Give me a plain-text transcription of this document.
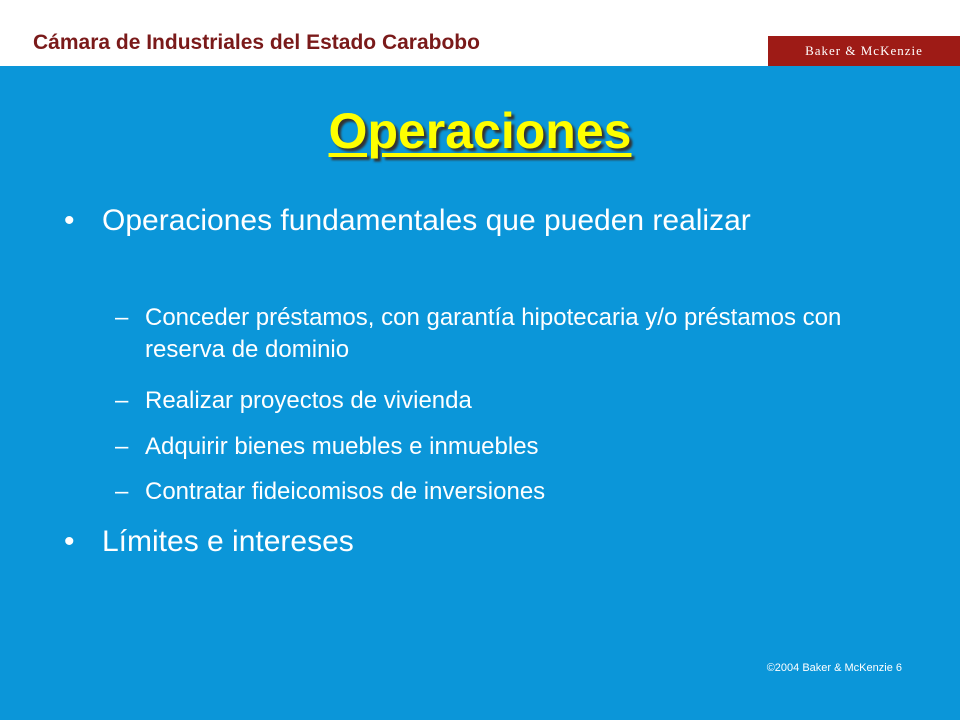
Cámara de Industriales del Estado Carabobo	Baker & McKenzie
Operaciones
• Operaciones fundamentales que pueden realizar
– Conceder préstamos, con garantía hipotecaria y/o préstamos con reserva de dominio
– Realizar proyectos de vivienda
– Adquirir bienes muebles e inmuebles
– Contratar fideicomisos de inversiones
• Límites e intereses
©2004 Baker & McKenzie 6
